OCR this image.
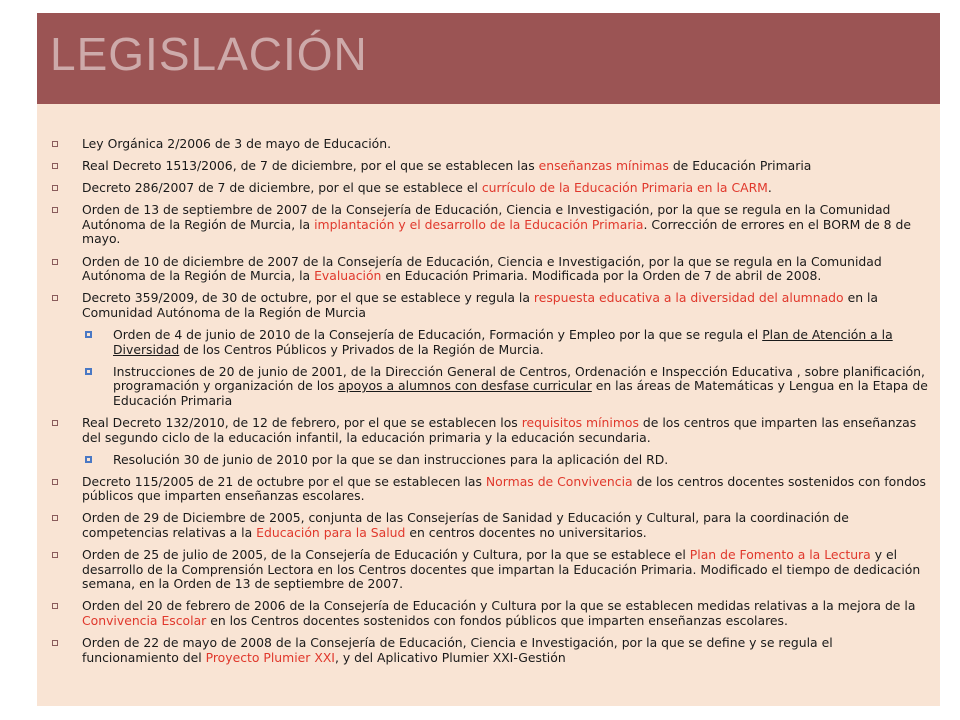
LEGISLACIÓN
Ley Orgánica 2/2006 de 3 de mayo de Educación.
Real Decreto 1513/2006, de 7 de diciembre, por el que se establecen las enseñanzas mínimas de Educación Primaria
Decreto 286/2007 de 7 de diciembre, por el que se establece el currículo de la Educación Primaria en la CARM.
Orden de 13 de septiembre de 2007 de la Consejería de Educación, Ciencia e Investigación, por la que se regula en la Comunidad Autónoma de la Región de Murcia, la implantación y el desarrollo de la Educación Primaria. Corrección de errores en el BORM de 8 de mayo.
Orden de 10 de diciembre de 2007 de la Consejería de Educación, Ciencia e Investigación, por la que se regula en la Comunidad Autónoma de la Región de Murcia, la Evaluación en Educación Primaria. Modificada por la Orden de 7 de abril de 2008.
Decreto 359/2009, de 30 de octubre, por el que se establece y regula la respuesta educativa a la diversidad del alumnado en la Comunidad Autónoma de la Región de Murcia
Orden de 4 de junio de 2010 de la Consejería de Educación, Formación y Empleo por la que se regula el Plan de Atención a la Diversidad de los Centros Públicos y Privados de la Región de Murcia.
Instrucciones de 20 de junio de 2001, de la Dirección General de Centros, Ordenación e Inspección Educativa , sobre planificación, programación y organización de los apoyos a alumnos con desfase curricular en las áreas de Matemáticas y Lengua en la Etapa de Educación Primaria
Real Decreto 132/2010, de 12 de febrero, por el que se establecen los requisitos mínimos de los centros que imparten las enseñanzas del segundo ciclo de la educación infantil, la educación primaria y la educación secundaria.
Resolución 30 de junio de 2010 por la que se dan instrucciones para la aplicación del RD.
Decreto 115/2005 de 21 de octubre por el que se establecen las Normas de Convivencia de los centros docentes sostenidos con fondos públicos que imparten enseñanzas escolares.
Orden de 29 de Diciembre de 2005, conjunta de las Consejerías de Sanidad y Educación y Cultural, para la coordinación de competencias relativas a la Educación para la Salud en centros docentes no universitarios.
Orden de 25 de julio de 2005, de la Consejería de Educación y Cultura, por la que se establece el Plan de Fomento a la Lectura y el desarrollo de la Comprensión Lectora en los Centros docentes que impartan la Educación Primaria. Modificado el tiempo de dedicación semana, en la Orden de 13 de septiembre de 2007.
Orden del 20 de febrero de 2006 de la Consejería de Educación y Cultura por la que se establecen medidas relativas a la mejora de la Convivencia Escolar en los Centros docentes sostenidos con fondos públicos que imparten enseñanzas escolares.
Orden de 22 de mayo de 2008 de la Consejería de Educación, Ciencia e Investigación, por la que se define y se regula el funcionamiento del Proyecto Plumier XXI, y del Aplicativo Plumier XXI-Gestión
